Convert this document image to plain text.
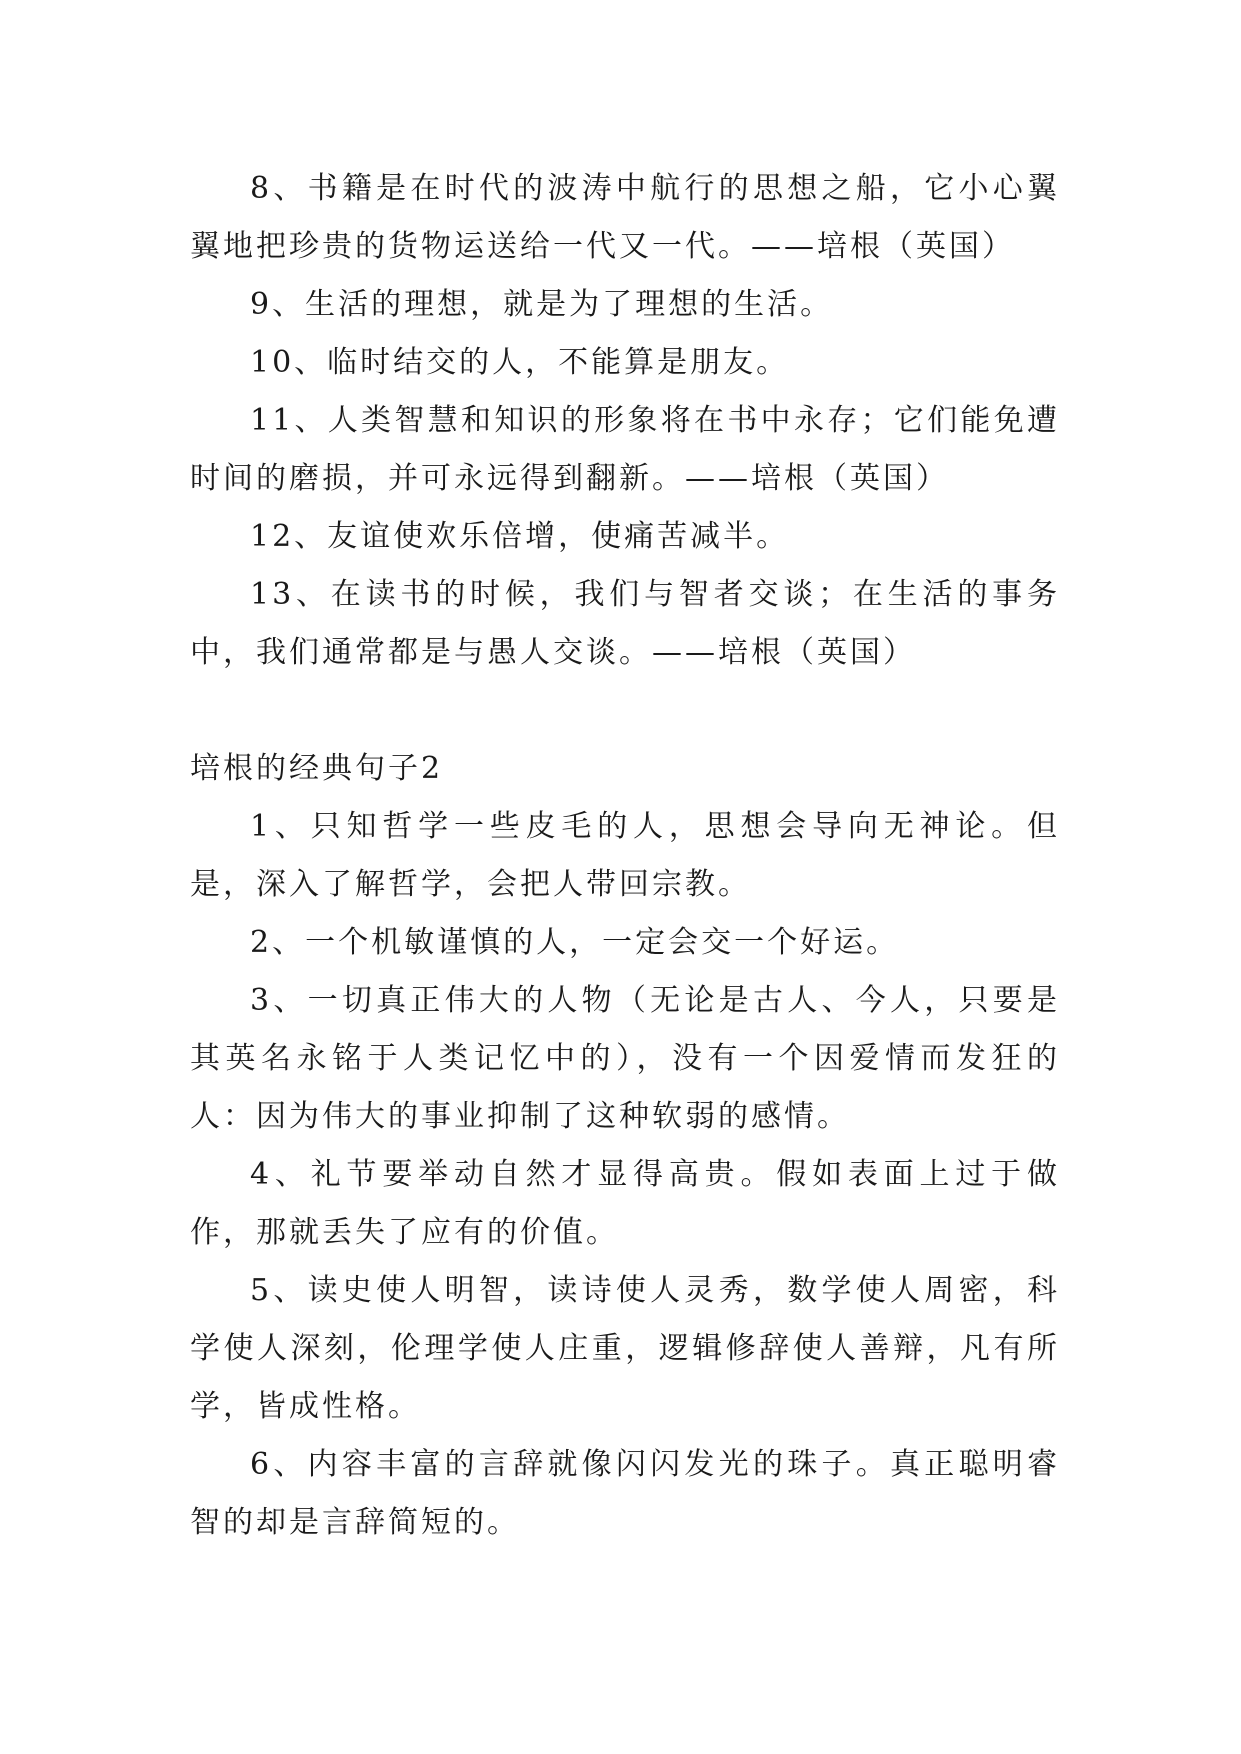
8、书籍是在时代的波涛中航行的思想之船，它小心翼翼地把珍贵的货物运送给一代又一代。——培根（英国）

9、生活的理想，就是为了理想的生活。

10、临时结交的人，不能算是朋友。

11、人类智慧和知识的形象将在书中永存；它们能免遭时间的磨损，并可永远得到翻新。——培根（英国）

12、友谊使欢乐倍增，使痛苦减半。

13、在读书的时候，我们与智者交谈；在生活的事务中，我们通常都是与愚人交谈。——培根（英国）

培根的经典句子2

1、只知哲学一些皮毛的人，思想会导向无神论。但是，深入了解哲学，会把人带回宗教。

2、一个机敏谨慎的人，一定会交一个好运。

3、一切真正伟大的人物（无论是古人、今人，只要是其英名永铭于人类记忆中的），没有一个因爱情而发狂的人：因为伟大的事业抑制了这种软弱的感情。

4、礼节要举动自然才显得高贵。假如表面上过于做作，那就丢失了应有的价值。

5、读史使人明智，读诗使人灵秀，数学使人周密，科学使人深刻，伦理学使人庄重，逻辑修辞使人善辩，凡有所学，皆成性格。

6、内容丰富的言辞就像闪闪发光的珠子。真正聪明睿智的却是言辞简短的。
